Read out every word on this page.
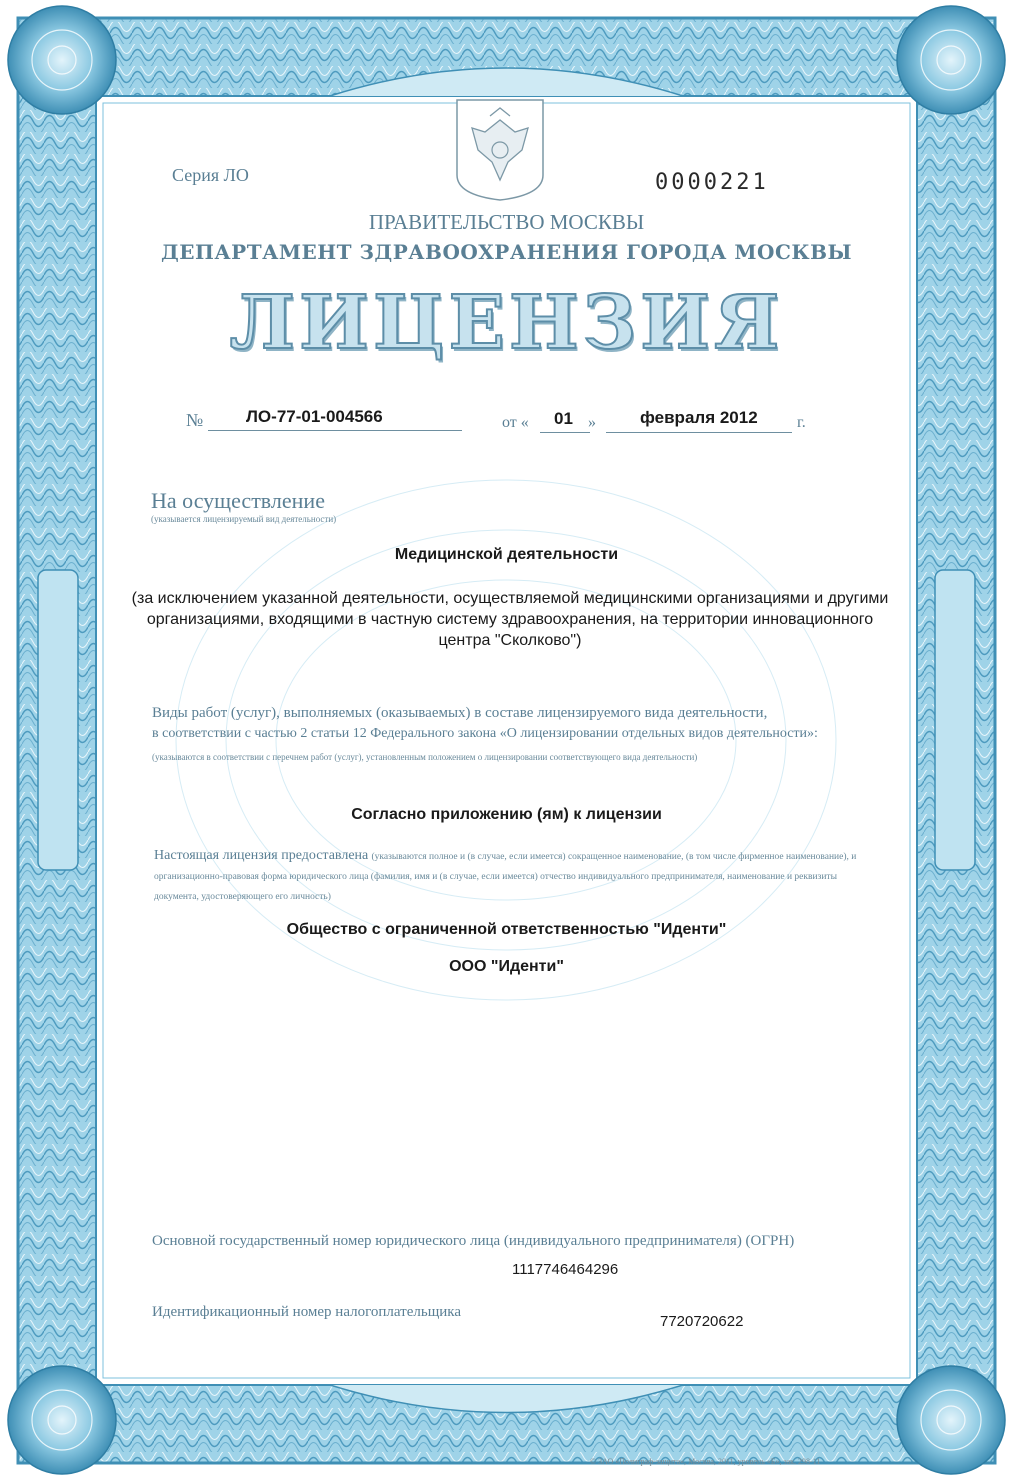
Серия ЛО	0000221
ПРАВИТЕЛЬСТВО МОСКВЫ
ДЕПАРТАМЕНТ ЗДРАВООХРАНЕНИЯ ГОРОДА МОСКВЫ
ЛИЦЕНЗИЯ
№	ЛО-77-01-004566	от « 01 »	февраля 2012 г.
На осуществление
(указывается лицензируемый вид деятельности)
Медицинской деятельности
(за исключением указанной деятельности, осуществляемой медицинскими организациями и другими организациями, входящими в частную систему здравоохранения, на территории инновационного центра "Сколково")
Виды работ (услуг), выполняемых (оказываемых) в составе лицензируемого вида деятельности,
в соответствии с частью 2 статьи 12 Федерального закона «О лицензировании отдельных видов деятельности»:
(указываются в соответствии с перечнем работ (услуг), установленным положением о лицензировании соответствующего вида деятельности)
Согласно приложению (ям) к лицензии
Настоящая лицензия предоставлена (указываются полное и (в случае, если имеется) сокращенное наименование, (в том числе фирменное наименование), и организационно-правовая форма юридического лица (фамилия, имя и (в случае, если имеется) отчество индивидуального предпринимателя, наименование и реквизиты документа, удостоверяющего его личность)
Общество с ограниченной ответственностью "Иденти"
ООО "Иденти"
Основной государственный номер юридического лица (индивидуального предпринимателя) (ОГРН)
1117746464296
Идентификационный номер налогоплательщика
7720720622
© ЗАО «Полиграф-защита», Москва, 2011, уровень «Б», зак. 298-11
